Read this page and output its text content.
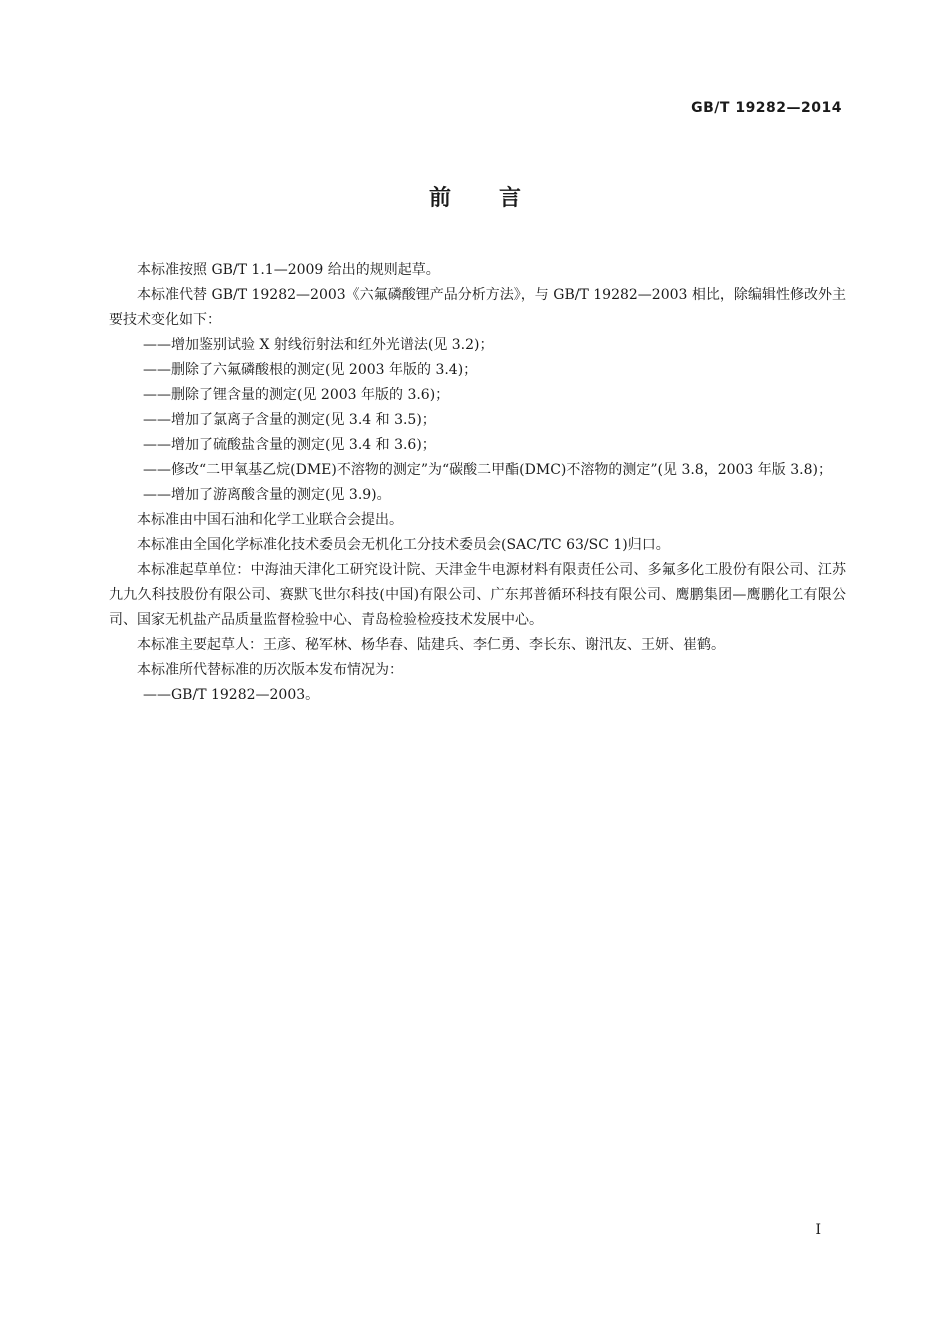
GB/T 19282—2014
前言

本标准按照 GB/T 1.1—2009 给出的规则起草。

本标准代替 GB/T 19282—2003《六氟磷酸锂产品分析方法》，与 GB/T 19282—2003 相比，除编辑性修改外主要技术变化如下：

—— 增加鉴别试验 X 射线衍射法和红外光谱法(见 3.2)；

—— 删除了六氟磷酸根的测定(见 2003 年版的 3.4)；

—— 删除了锂含量的测定(见 2003 年版的 3.6)；

—— 增加了氯离子含量的测定(见 3.4 和 3.5)；

—— 增加了硫酸盐含量的测定(见 3.4 和 3.6)；

—— 修改“二甲氧基乙烷(DME)不溶物的测定”为“碳酸二甲酯(DMC)不溶物的测定”(见 3.8，2003 年版 3.8)；

—— 增加了游离酸含量的测定(见 3.9)。

本标准由中国石油和化学工业联合会提出。

本标准由全国化学标准化技术委员会无机化工分技术委员会(SAC/TC 63/SC 1)归口。

本标准起草单位：中海油天津化工研究设计院、天津金牛电源材料有限责任公司、多氟多化工股份有限公司、江苏九九久科技股份有限公司、赛默飞世尔科技(中国)有限公司、广东邦普循环科技有限公司、鹰鹏集团—鹰鹏化工有限公司、国家无机盐产品质量监督检验中心、青岛检验检疫技术发展中心。

本标准主要起草人：王彦、秘军林、杨华春、陆建兵、李仁勇、李长东、谢汛友、王妍、崔鹤。

本标准所代替标准的历次版本发布情况为：

—— GB/T 19282—2003。

I
